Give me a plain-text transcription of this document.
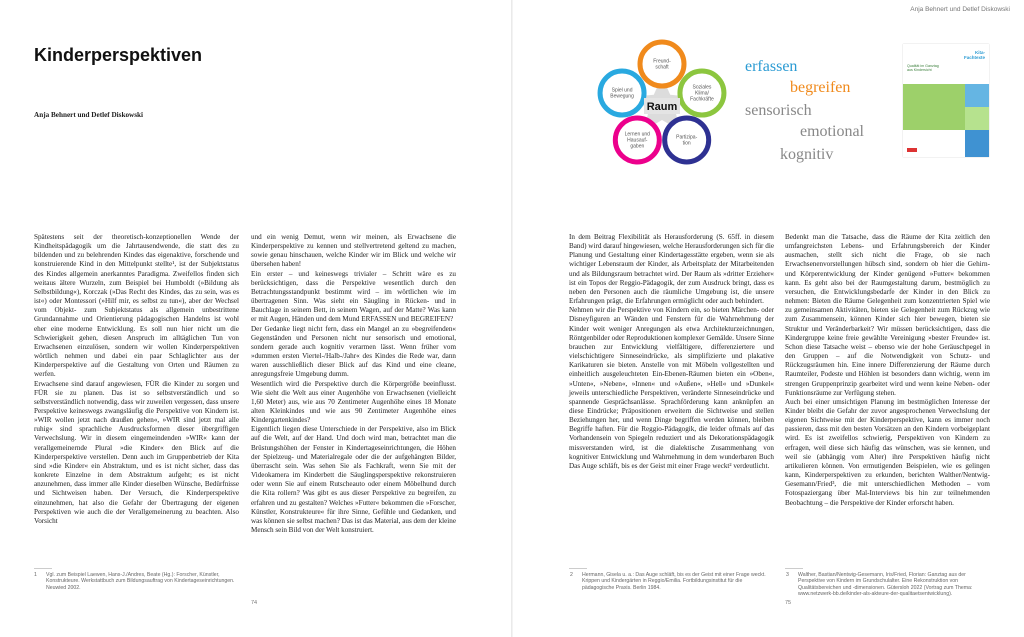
Anja Behnert und Detlef Diskowski
Kinderperspektiven
Anja Behnert und Detlef Diskowski
Freund-schaft
Soziales Klima/ Fachkräfte
Partizipa-tion
Lernen und Hausauf-gaben
Spiel und Bewegung
Raum
erfassen
begreifen
sensorisch
emotional
kognitiv
Kita-
Fachtexte
Qualität im Ganztag
aus Kindersicht

Spätestens seit der theoretisch-konzeptionellen Wende der Kindheitspädagogik um die Jahrtausendwende, die statt des zu bildenden und zu belehrenden Kindes das eigenaktive, forschende und konstruierende Kind in den Mittelpunkt stellte¹, ist der Subjektstatus des Kindes allgemein anerkanntes Paradigma. Zweifellos finden sich weitaus ältere Wurzeln, zum Beispiel bei Humboldt (»Bildung als Selbstbildung«), Korczak (»Das Recht des Kindes, das zu sein, was es ist«) oder Montessori (»Hilf mir, es selbst zu tun«), aber der Wechsel vom Objekt- zum Subjektstatus als allgemein unbestrittene Grundannahme und Orientierung pädagogischen Handelns ist wohl eher eine moderne Entwicklung. Es soll nun hier nicht um die Schwierigkeit gehen, diesen Anspruch im alltäglichen Tun von Erwachsenen einzulösen, sondern wir wollen Kinderperspektiven wörtlich nehmen und dabei ein paar Schlaglichter aus der Kinderperspektive auf die Gestaltung von Orten und Räumen zu werfen.

Erwachsene sind darauf angewiesen, FÜR die Kinder zu sorgen und FÜR sie zu planen. Das ist so selbstverständlich und so selbstverständlich notwendig, dass wir zuweilen vergessen, dass unsere Perspektive keineswegs zwangsläufig die Perspektive von Kindern ist. »WIR wollen jetzt nach draußen gehen«, »WIR sind jetzt mal alle ruhig« sind sprachliche Ausdrucksformen dieser übergriffigen Verwechslung. Wir in diesem eingemeindenden »WIR« kann der verallgemeinernde Plural »die Kinder« den Blick auf die Kinderperspektive verstellen. Denn auch im Gruppenbetrieb der Kita sind »die Kinder« ein Abstraktum, und es ist nicht sicher, dass das konkrete Einzelne in dem Abstraktum aufgeht; es ist nicht anzunehmen, dass immer alle Kinder dieselben Wünsche, Bedürfnisse und Sichtweisen haben. Der Versuch, die Kinderperspektive einzunehmen, hat also die Gefahr der Übertragung der eigenen Perspektiven wie auch die der Verallgemeinerung zu beachten. Also Vorsicht

und ein wenig Demut, wenn wir meinen, als Erwachsene die Kinderperspektive zu kennen und stellvertretend geltend zu machen, sowie genau hinschauen, welche Kinder wir im Blick und welche wir übersehen haben!

Ein erster – und keineswegs trivialer – Schritt wäre es zu berücksichtigen, dass die Perspektive wesentlich durch den Betrachtungsstandpunkt bestimmt wird – im wörtlichen wie im übertragenen Sinn. Was sieht ein Säugling in Rücken- und in Bauchlage in seinem Bett, in seinem Wagen, auf der Matte? Was kann er mit Augen, Händen und dem Mund ERFASSEN und BEGREIFEN?

Der Gedanke liegt nicht fern, dass ein Mangel an zu »begreifenden« Gegenständen und Personen nicht nur sensorisch und emotional, sondern gerade auch kognitiv verarmen lässt. Wenn früher vom »dummen ersten Viertel-/Halb-/Jahr« des Kindes die Rede war, dann waren ausschließlich dieser Blick auf das Kind und eine cleane, anregungsfreie Umgebung dumm.

Wesentlich wird die Perspektive durch die Körpergröße beeinflusst. Wie sieht die Welt aus einer Augenhöhe von Erwachsenen (vielleicht 1,60 Meter) aus, wie aus 70 Zentimeter Augenhöhe eines 18 Monate alten Kleinkindes und wie aus 90 Zentimeter Augenhöhe eines Kindergartenkindes?

Eigentlich liegen diese Unterschiede in der Perspektive, also im Blick auf die Welt, auf der Hand. Und doch wird man, betrachtet man die Brüstungshöhen der Fenster in Kindertageseinrichtungen, die Höhen der Spielzeug- und Materialregale oder die der aufgehängten Bilder, überrascht sein. Was sehen Sie als Fachkraft, wenn Sie mit der Videokamera im Kinderbett die Säuglingsperspektive rekonstruieren oder wenn Sie auf einem Rutscheauto oder einem Möbelhund durch die Kita rollern? Was gibt es aus dieser Perspektive zu begreifen, zu erfahren und zu gestalten? Welches »Futter« bekommen die »Forscher, Künstler, Konstrukteure« für ihre Sinne, Gefühle und Gedanken, und was können sie selbst machen? Das ist das Material, aus dem der kleine Mensch sein Bild von der Welt konstruiert.

In dem Beitrag Flexibilität als Herausforderung (S. 65ff. in diesem Band) wird darauf hingewiesen, welche Herausforderungen sich für die Planung und Gestaltung einer Kindertagesstätte ergeben, wenn sie als wichtiger Lebensraum der Kinder, als Arbeitsplatz der Mitarbeitenden und als Bildungsraum betrachtet wird. Der Raum als »dritter Erzieher« ist ein Topos der Reggio-Pädagogik, der zum Ausdruck bringt, dass es neben den Personen auch die räumliche Umgebung ist, die unsere Erfahrungen prägt, die Erfahrungen ermöglicht oder auch behindert.

Nehmen wir die Perspektive von Kindern ein, so bieten Märchen- oder Disneyfiguren an Wänden und Fenstern für die Wahrnehmung der Kinder weit weniger Anregungen als etwa Architekturzeichnungen, Röntgenbilder oder Reproduktionen komplexer Gemälde. Unsere Sinne brauchen zur Entwicklung vielfältigere, differenziertere und vielschichtigere Sinneseindrücke, als simplifizierte und plakative Karikaturen sie bieten. Anstelle von mit Möbeln vollgestellten und einheitlich ausgeleuchteten Ein-Ebenen-Räumen bieten ein »Oben«, »Unten«, »Neben«, »Innen« und »Außen«, »Hell« und »Dunkel« jeweils unterschiedliche Perspektiven, veränderte Sinneseindrücke und spannende Gesprächsanlässe. Sprachförderung kann anknüpfen an diese Eindrücke; Präpositionen erweitern die Sichtweise und stellen Beziehungen her, und wenn Dinge begriffen werden können, bleiben Begriffe haften. Für die Reggio-Pädagogik, die leider oftmals auf das Vorhandensein von Spiegeln reduziert und als Dekorationspädagogik missverstanden wird, ist die dialektische Zusammenhang von kognitiver Entwicklung und Wahrnehmung in dem wunderbaren Buch Das Auge schläft, bis es der Geist mit einer Frage weckt² verdeutlicht.

Bedenkt man die Tatsache, dass die Räume der Kita zeitlich den umfangreichsten Lebens- und Erfahrungsbereich der Kinder ausmachen, stellt sich nicht die Frage, ob sie nach Erwachsenenvorstellungen hübsch sind, sondern ob hier die Gehirn- und Körperentwicklung der Kinder genügend »Futter« bekommen kann. Es geht also bei der Raumgestaltung darum, bestmöglich zu versuchen, die Entwicklungsbedarfe der Kinder in den Blick zu nehmen: Bieten die Räume Gelegenheit zum konzentrierten Spiel wie zu gemeinsamen Aktivitäten, bieten sie Gelegenheit zum Rückzug wie zum Zusammensein, können Kinder sich hier bewegen, bieten sie Struktur und Veränderbarkeit? Wir müssen berücksichtigen, dass die Kindergruppe keine freie gewählte Vereinigung »bester Freunde« ist. Schon diese Tatsache weist – ebenso wie der hohe Geräuschpegel in den Gruppen – auf die Notwendigkeit von Schutz- und Rückzugsräumen hin. Eine innere Differenzierung der Räume durch Raumteiler, Podeste und Höhlen ist besonders dann wichtig, wenn im strengen Gruppenprinzip gearbeitet wird und wenn keine Neben- oder Funktionsräume zur Verfügung stehen.

Auch bei einer umsichtigen Planung im bestmöglichen Interesse der Kinder bleibt die Gefahr der zuvor angesprochenen Verwechslung der eigenen Sichtweise mit der Kinderperspektive, kann es immer noch passieren, dass mit den besten Vorsätzen an den Kindern vorbeigeplant wird. Es ist zweifellos schwierig, Perspektiven von Kindern zu erfragen, weil diese sich häufig das wünschen, was sie kennen, und weil sie (abhängig vom Alter) ihre Perspektiven häufig nicht artikulieren können. Von ermutigenden Beispielen, wie es gelingen kann, Kinderperspektiven zu erkunden, berichten Walther/Nentwig-Gesemann/Fried³, die mit unterschiedlichen Methoden – vom Fotospaziergang über Mal-Interviews bis hin zur teilnehmenden Beobachtung – die Perspektive der Kinder erforscht haben.

1 Vgl. zum Beispiel Laewen, Hans-J./Andres, Beate (Hg.): Forscher, Künstler, Konstrukteure. Werkstattbuch zum Bildungsauftrag von Kindertageseinrichtungen. Neuwied 2002.
2 Hermann, Gisela u. a.: Das Auge schläft, bis es der Geist mit einer Frage weckt. Krippen und Kindergärten in Reggio/Emilia. Fortbildungsinstitut für die pädagogische Praxis. Berlin 1984.
3 Walther, Bastian/Nentwig-Gesemann, Iris/Fried, Florian: Ganztag aus der Perspektive von Kindern im Grundschulalter. Eine Rekonstruktion von Qualitätsbereichen und -dimensionen. Gütersloh 2022 (Vortrag zum Thema: www.netzwerk-bb.de/kinder-als-akteure-der-qualitaetsentwicklung).
74	75
